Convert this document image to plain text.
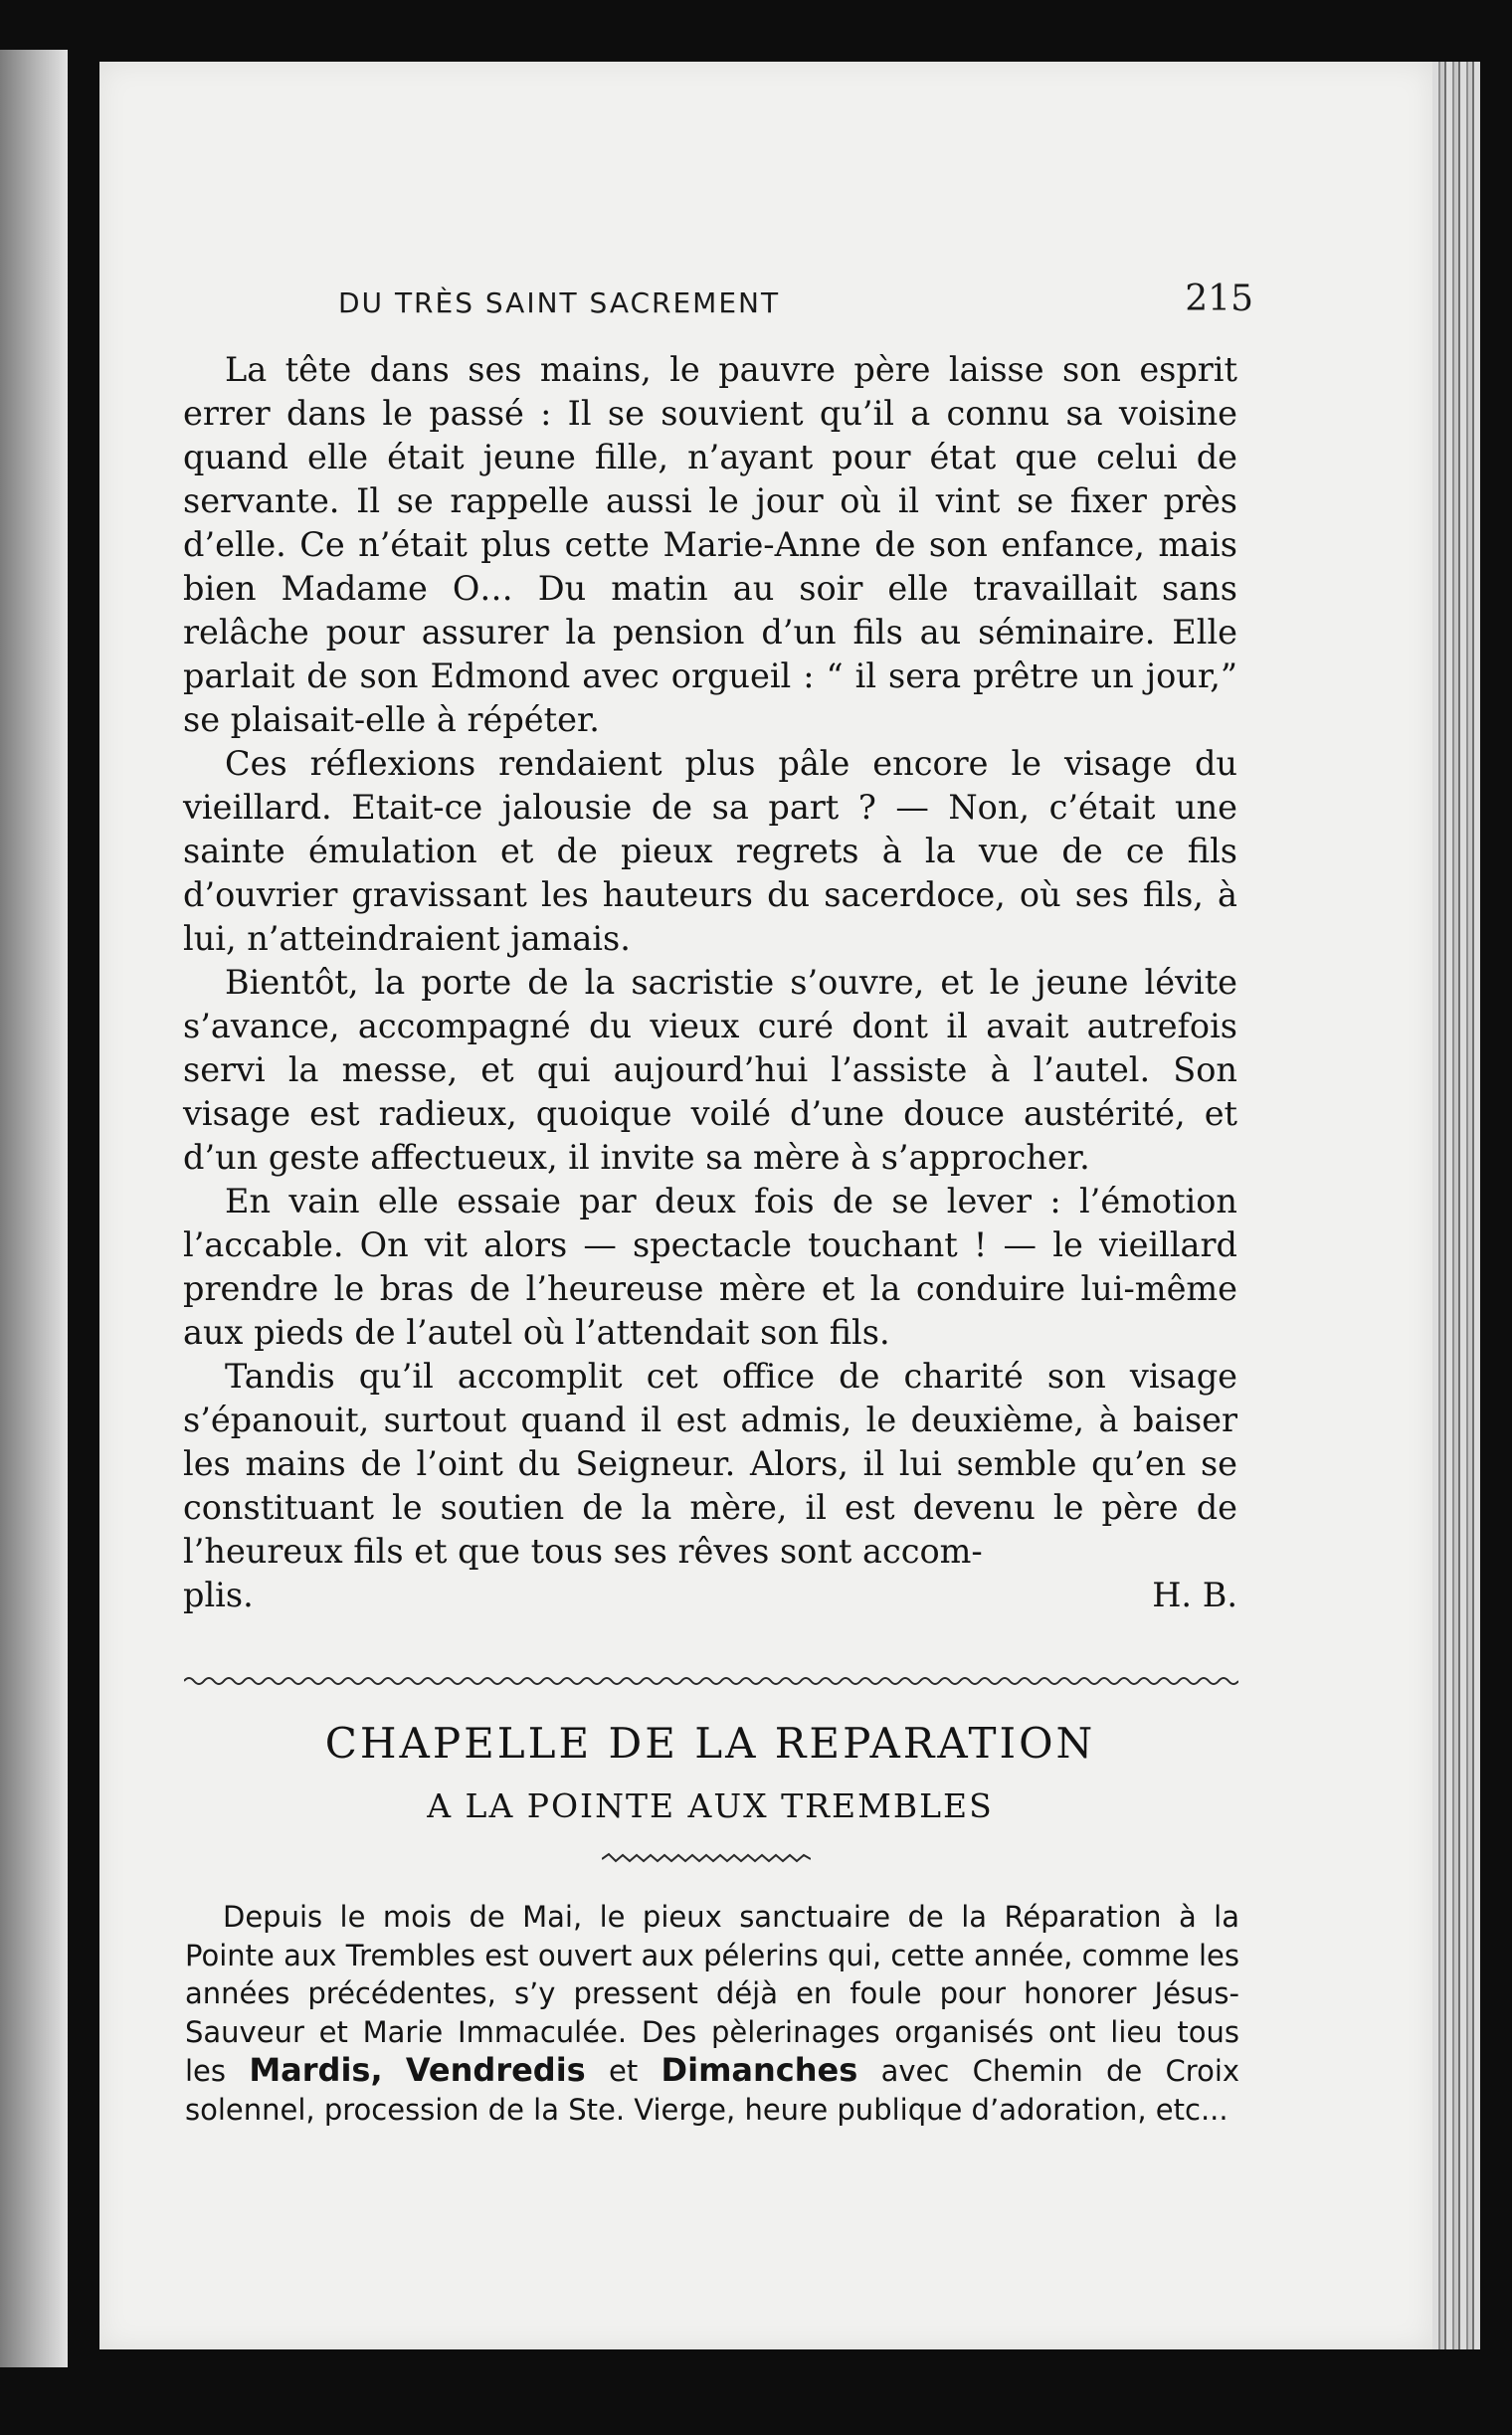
DU TRÈS SAINT SACREMENT	215

La tête dans ses mains, le pauvre père laisse son esprit errer dans le passé : Il se souvient qu’il a connu sa voisine quand elle était jeune fille, n’ayant pour état que celui de servante. Il se rappelle aussi le jour où il vint se fixer près d’elle. Ce n’était plus cette Marie-Anne de son enfance, mais bien Madame O… Du matin au soir elle travaillait sans relâche pour assurer la pension d’un fils au séminaire. Elle parlait de son Edmond avec orgueil : “ il sera prêtre un jour,” se plaisait-elle à répéter.

Ces réflexions rendaient plus pâle encore le visage du vieillard. Etait-ce jalousie de sa part ? — Non, c’était une sainte émulation et de pieux regrets à la vue de ce fils d’ouvrier gravissant les hauteurs du sacerdoce, où ses fils, à lui, n’atteindraient jamais.

Bientôt, la porte de la sacristie s’ouvre, et le jeune lévite s’avance, accompagné du vieux curé dont il avait autrefois servi la messe, et qui aujourd’hui l’assiste à l’autel. Son visage est radieux, quoique voilé d’une douce austérité, et d’un geste affectueux, il invite sa mère à s’approcher.

En vain elle essaie par deux fois de se lever : l’émotion l’accable. On vit alors — spectacle touchant ! — le vieillard prendre le bras de l’heureuse mère et la conduire lui-même aux pieds de l’autel où l’attendait son fils.

Tandis qu’il accomplit cet office de charité son visage s’épanouit, surtout quand il est admis, le deuxième, à baiser les mains de l’oint du Seigneur. Alors, il lui semble qu’en se constituant le soutien de la mère, il est devenu le père de l’heureux fils et que tous ses rêves sont accom-

plis.	H. B.
CHAPELLE DE LA REPARATION
A LA POINTE AUX TREMBLES

Depuis le mois de Mai, le pieux sanctuaire de la Réparation à la Pointe aux Trembles est ouvert aux pélerins qui, cette année, comme les années précédentes, s’y pressent déjà en foule pour honorer Jésus-Sauveur et Marie Immaculée. Des pèlerinages organisés ont lieu tous les Mardis, Vendredis et Dimanches avec Chemin de Croix solennel, procession de la Ste. Vierge, heure publique d’adoration, etc...
